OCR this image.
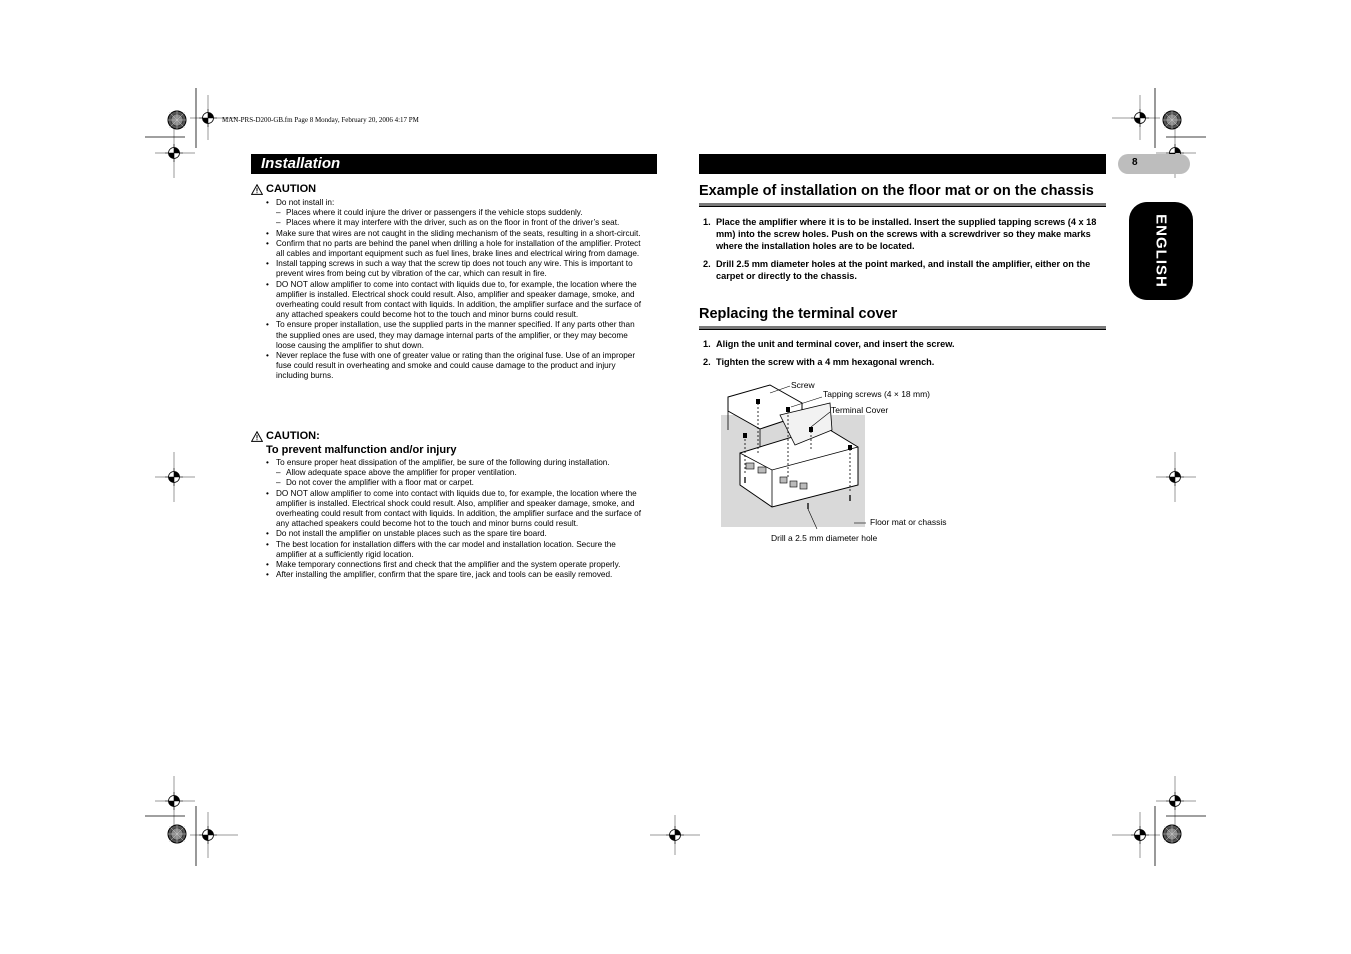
MAN-PRS-D200-GB.fm Page 8 Monday, February 20, 2006 4:17 PM
Installation
CAUTION
• Do not install in:
– Places where it could injure the driver or passengers if the vehicle stops suddenly.
– Places where it may interfere with the driver, such as on the floor in front of the driver’s seat.
• Make sure that wires are not caught in the sliding mechanism of the seats, resulting in a short-circuit.
• Confirm that no parts are behind the panel when drilling a hole for installation of the amplifier. Protect all cables and important equipment such as fuel lines, brake lines and electrical wiring from damage.
• Install tapping screws in such a way that the screw tip does not touch any wire. This is important to prevent wires from being cut by vibration of the car, which can result in fire.
• DO NOT allow amplifier to come into contact with liquids due to, for example, the location where the amplifier is installed. Electrical shock could result. Also, amplifier and speaker damage, smoke, and overheating could result from contact with liquids. In addition, the amplifier surface and the surface of any attached speakers could become hot to the touch and minor burns could result.
• To ensure proper installation, use the supplied parts in the manner specified. If any parts other than the supplied ones are used, they may damage internal parts of the amplifier, or they may become loose causing the amplifier to shut down.
• Never replace the fuse with one of greater value or rating than the original fuse. Use of an improper fuse could result in overheating and smoke and could cause damage to the product and injury including burns.
CAUTION:
To prevent malfunction and/or injury
• To ensure proper heat dissipation of the amplifier, be sure of the following during installation.
– Allow adequate space above the amplifier for proper ventilation.
– Do not cover the amplifier with a floor mat or carpet.
• DO NOT allow amplifier to come into contact with liquids due to, for example, the location where the amplifier is installed. Electrical shock could result. Also, amplifier and speaker damage, smoke, and overheating could result from contact with liquids. In addition, the amplifier surface and the surface of any attached speakers could become hot to the touch and minor burns could result.
• Do not install the amplifier on unstable places such as the spare tire board.
• The best location for installation differs with the car model and installation location. Secure the amplifier at a sufficiently rigid location.
• Make temporary connections first and check that the amplifier and the system operate properly.
• After installing the amplifier, confirm that the spare tire, jack and tools can be easily removed.
8
ENGLISH
Example of installation on the floor mat or on the chassis
1. Place the amplifier where it is to be installed. Insert the supplied tapping screws (4 x 18 mm) into the screw holes. Push on the screws with a screwdriver so they make marks where the installation holes are to be located.
2. Drill 2.5 mm diameter holes at the point marked, and install the amplifier, either on the carpet or directly to the chassis.
Replacing the terminal cover
1. Align the unit and terminal cover, and insert the screw.
2. Tighten the screw with a 4 mm hexagonal wrench.
Screw
Tapping screws (4 × 18 mm)
Terminal Cover
Floor mat or chassis
Drill a 2.5 mm diameter hole
